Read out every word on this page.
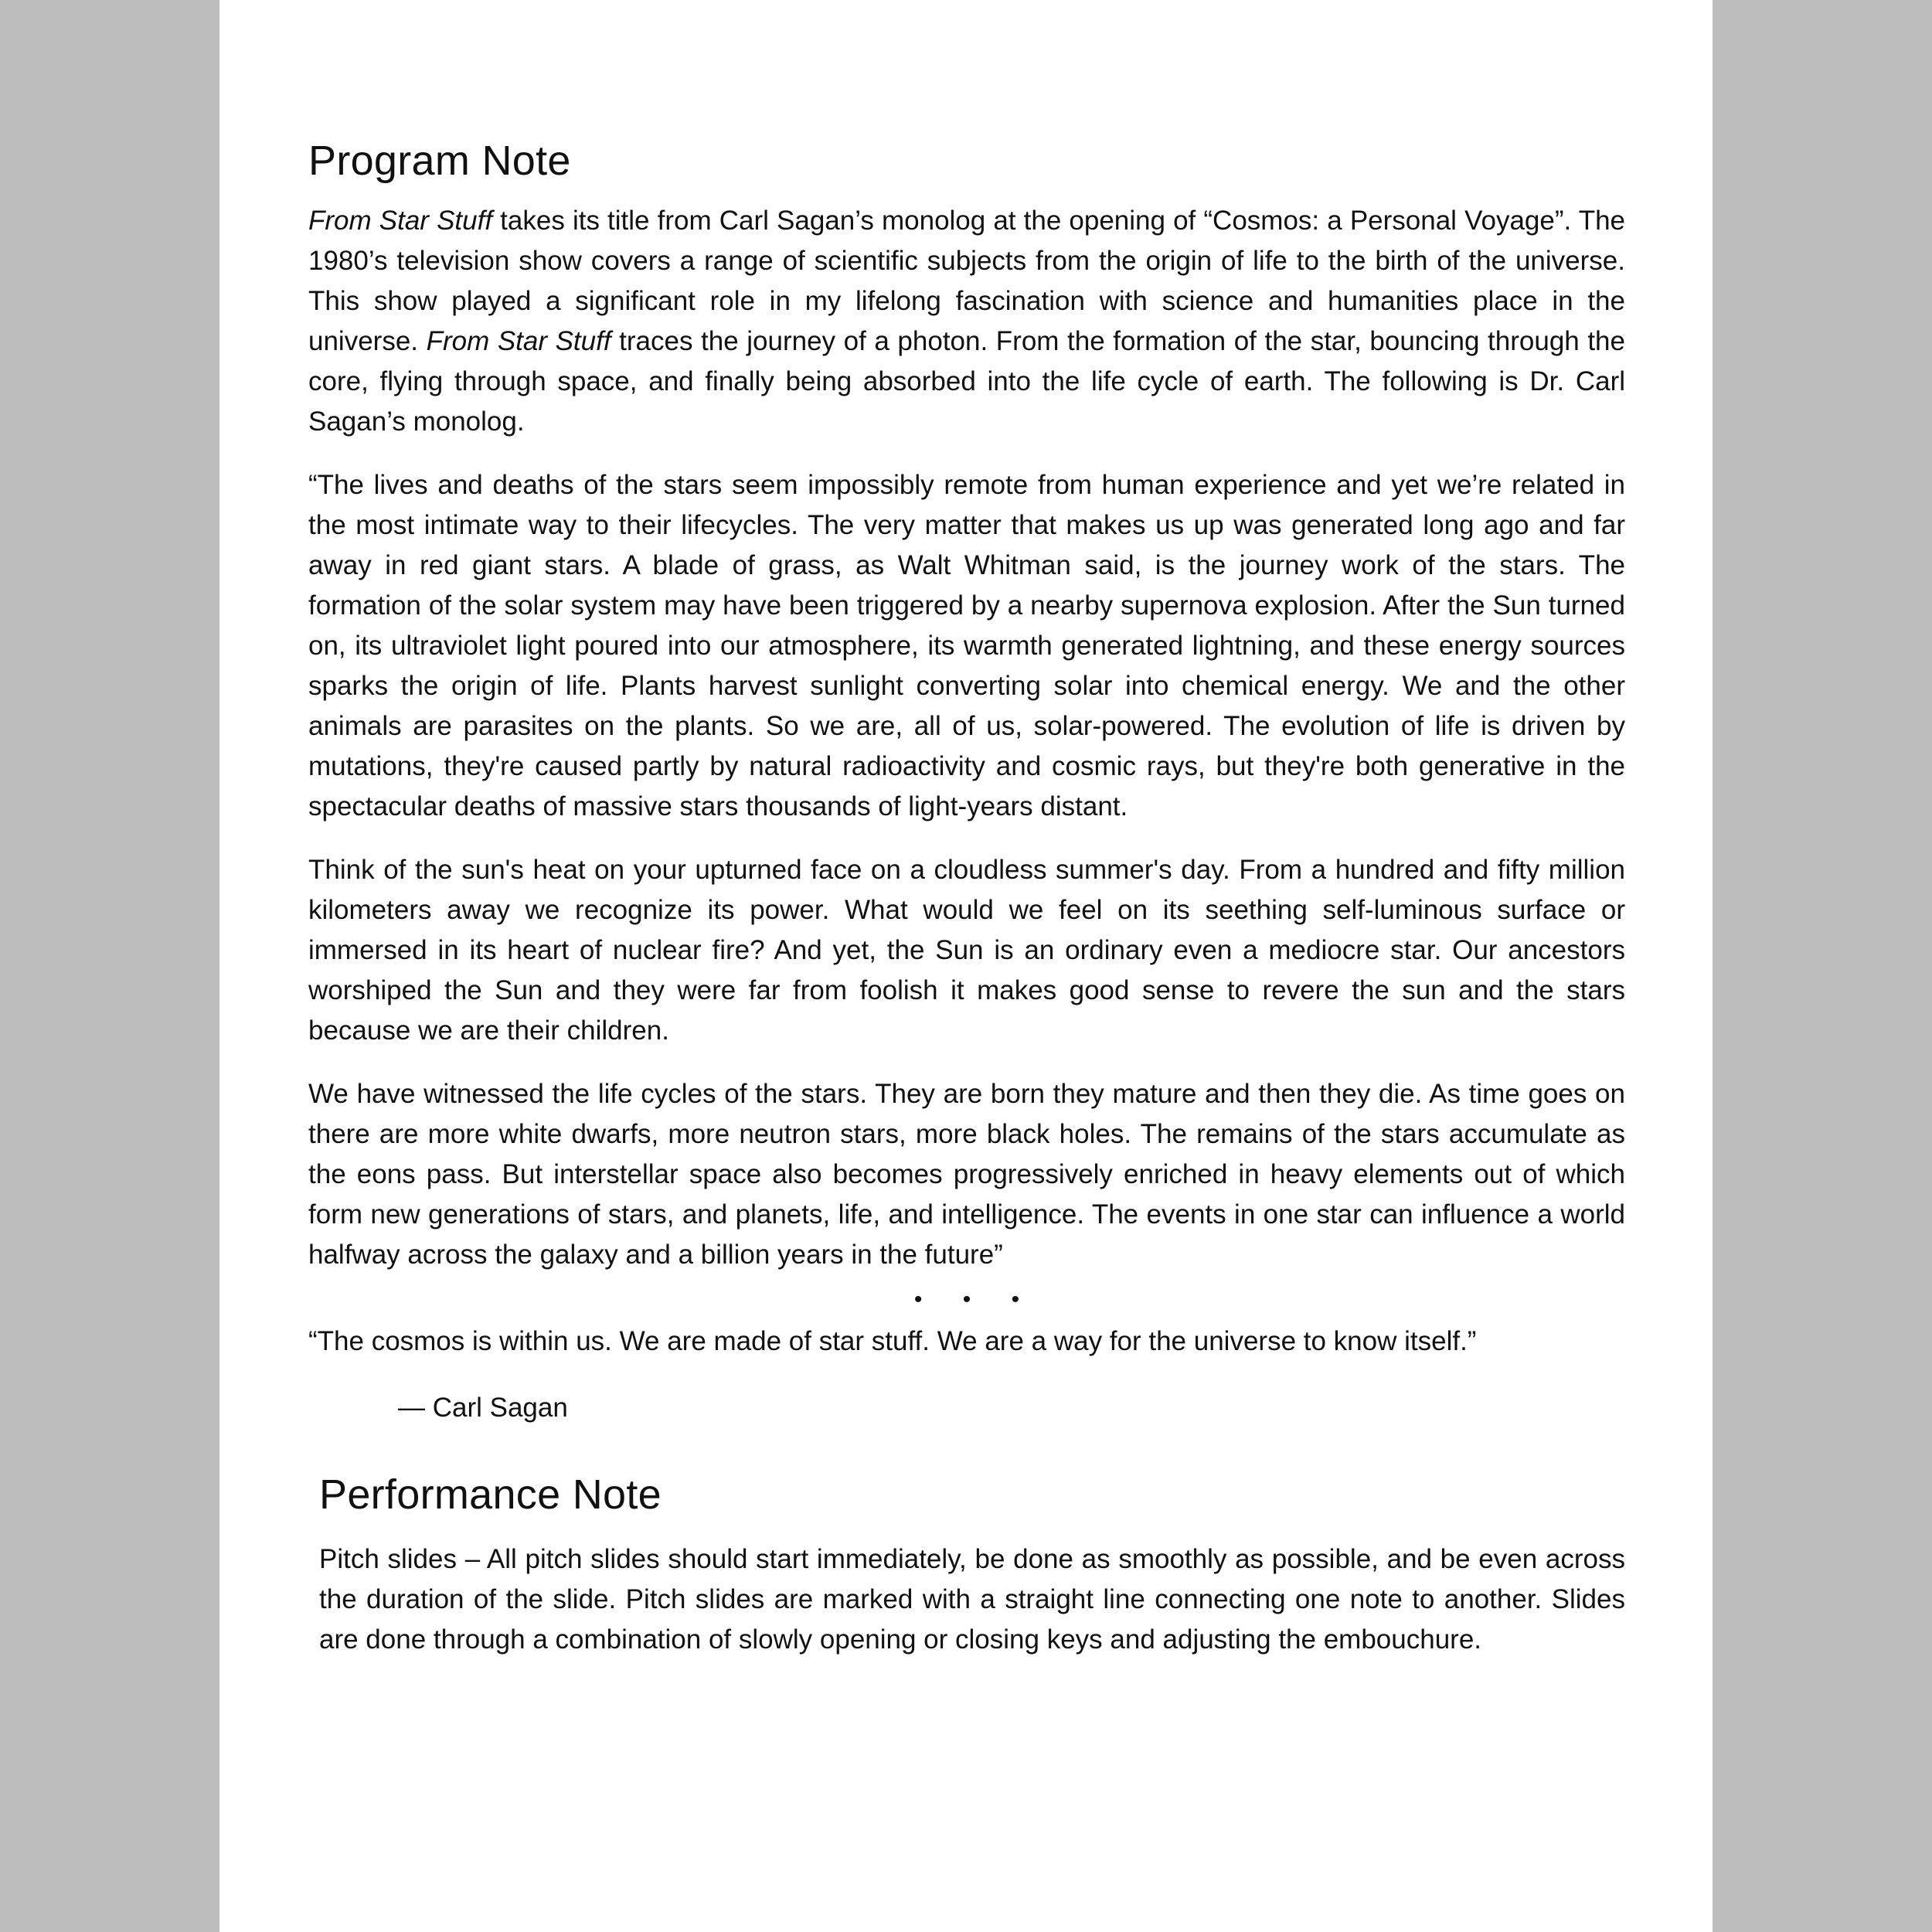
Program Note

From Star Stuff takes its title from Carl Sagan’s monolog at the opening of “Cosmos: a Personal Voyage”. The 1980’s television show covers a range of scientific subjects from the origin of life to the birth of the universe. This show played a significant role in my lifelong fascination with science and humanities place in the universe. From Star Stuff traces the journey of a photon. From the formation of the star, bouncing through the core, flying through space, and finally being absorbed into the life cycle of earth. The following is Dr. Carl Sagan’s monolog.

“The lives and deaths of the stars seem impossibly remote from human experience and yet we’re related in the most intimate way to their lifecycles. The very matter that makes us up was generated long ago and far away in red giant stars. A blade of grass, as Walt Whitman said, is the journey work of the stars. The formation of the solar system may have been triggered by a nearby supernova explosion. After the Sun turned on, its ultraviolet light poured into our atmosphere, its warmth generated lightning, and these energy sources sparks the origin of life. Plants harvest sunlight converting solar into chemical energy. We and the other animals are parasites on the plants. So we are, all of us, solar-powered. The evolution of life is driven by mutations, they're caused partly by natural radioactivity and cosmic rays, but they're both generative in the spectacular deaths of massive stars thousands of light-years distant.

Think of the sun's heat on your upturned face on a cloudless summer's day. From a hundred and fifty million kilometers away we recognize its power. What would we feel on its seething self-luminous surface or immersed in its heart of nuclear fire? And yet, the Sun is an ordinary even a mediocre star. Our ancestors worshiped the Sun and they were far from foolish it makes good sense to revere the sun and the stars because we are their children.

We have witnessed the life cycles of the stars. They are born they mature and then they die. As time goes on there are more white dwarfs, more neutron stars, more black holes. The remains of the stars accumulate as the eons pass. But interstellar space also becomes progressively enriched in heavy elements out of which form new generations of stars, and planets, life, and intelligence. The events in one star can influence a world halfway across the galaxy and a billion years in the future”

• • •

“The cosmos is within us. We are made of star stuff. We are a way for the universe to know itself.”

— Carl Sagan

Performance Note

Pitch slides – All pitch slides should start immediately, be done as smoothly as possible, and be even across the duration of the slide. Pitch slides are marked with a straight line connecting one note to another. Slides are done through a combination of slowly opening or closing keys and adjusting the embouchure.
